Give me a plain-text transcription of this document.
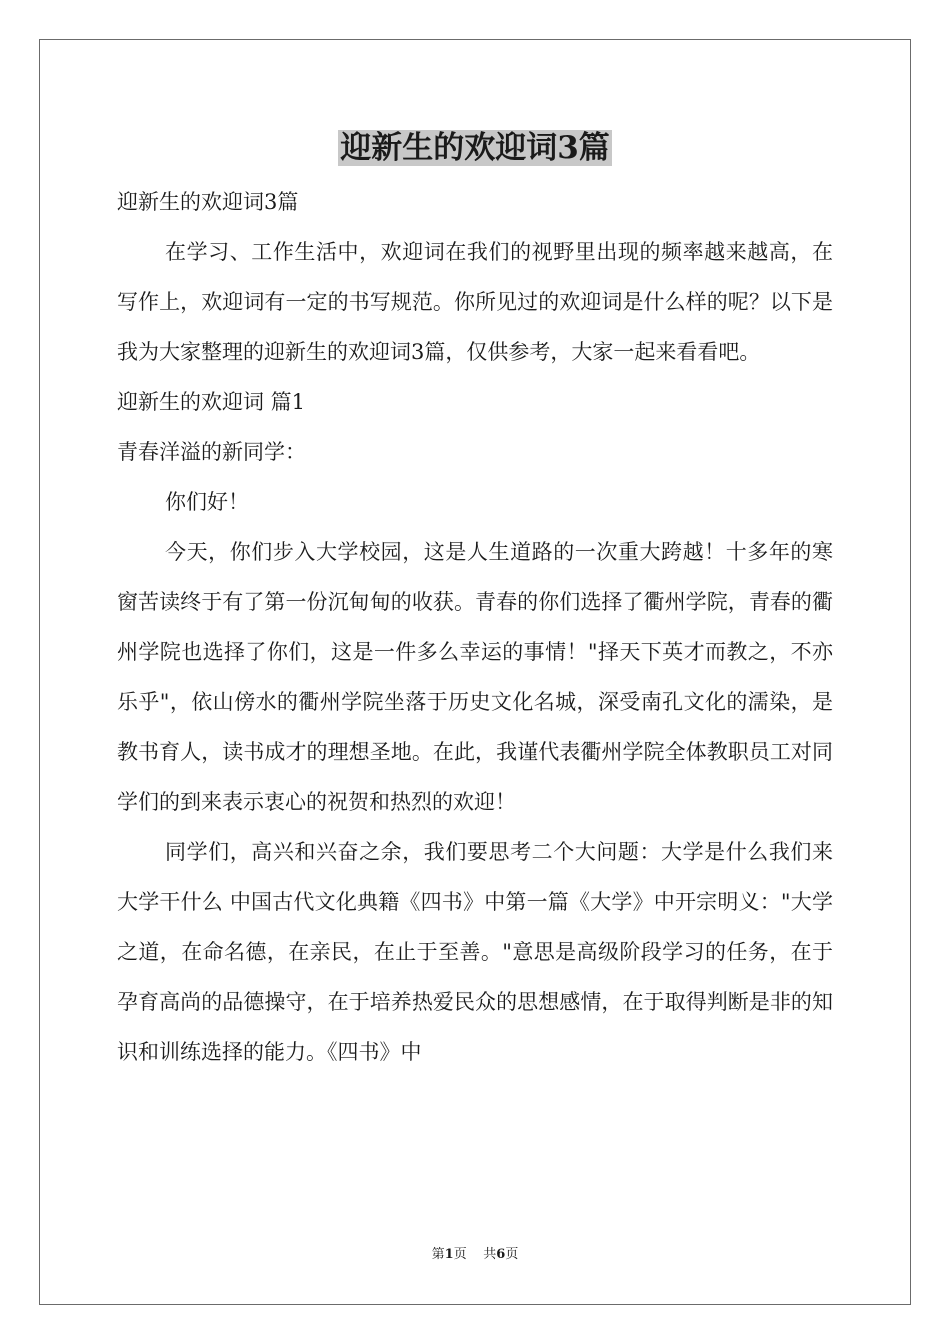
迎新生的欢迎词3篇

迎新生的欢迎词3篇

在学习、工作生活中，欢迎词在我们的视野里出现的频率越来越高，在写作上，欢迎词有一定的书写规范。你所见过的欢迎词是什么样的呢？以下是我为大家整理的迎新生的欢迎词3篇，仅供参考，大家一起来看看吧。

迎新生的欢迎词 篇1

青春洋溢的新同学：

你们好！

今天，你们步入大学校园，这是人生道路的一次重大跨越！十多年的寒窗苦读终于有了第一份沉甸甸的收获。青春的你们选择了衢州学院，青春的衢州学院也选择了你们，这是一件多么幸运的事情！"择天下英才而教之，不亦乐乎"，依山傍水的衢州学院坐落于历史文化名城，深受南孔文化的濡染，是教书育人，读书成才的理想圣地。在此，我谨代表衢州学院全体教职员工对同学们的到来表示衷心的祝贺和热烈的欢迎！

同学们，高兴和兴奋之余，我们要思考二个大问题：大学是什么我们来大学干什么 中国古代文化典籍《四书》中第一篇《大学》中开宗明义："大学之道，在命名德，在亲民，在止于至善。"意思是高级阶段学习的任务，在于孕育高尚的品德操守，在于培养热爱民众的思想感情，在于取得判断是非的知识和训练选择的能力。《四书》中

第1页 共6页
